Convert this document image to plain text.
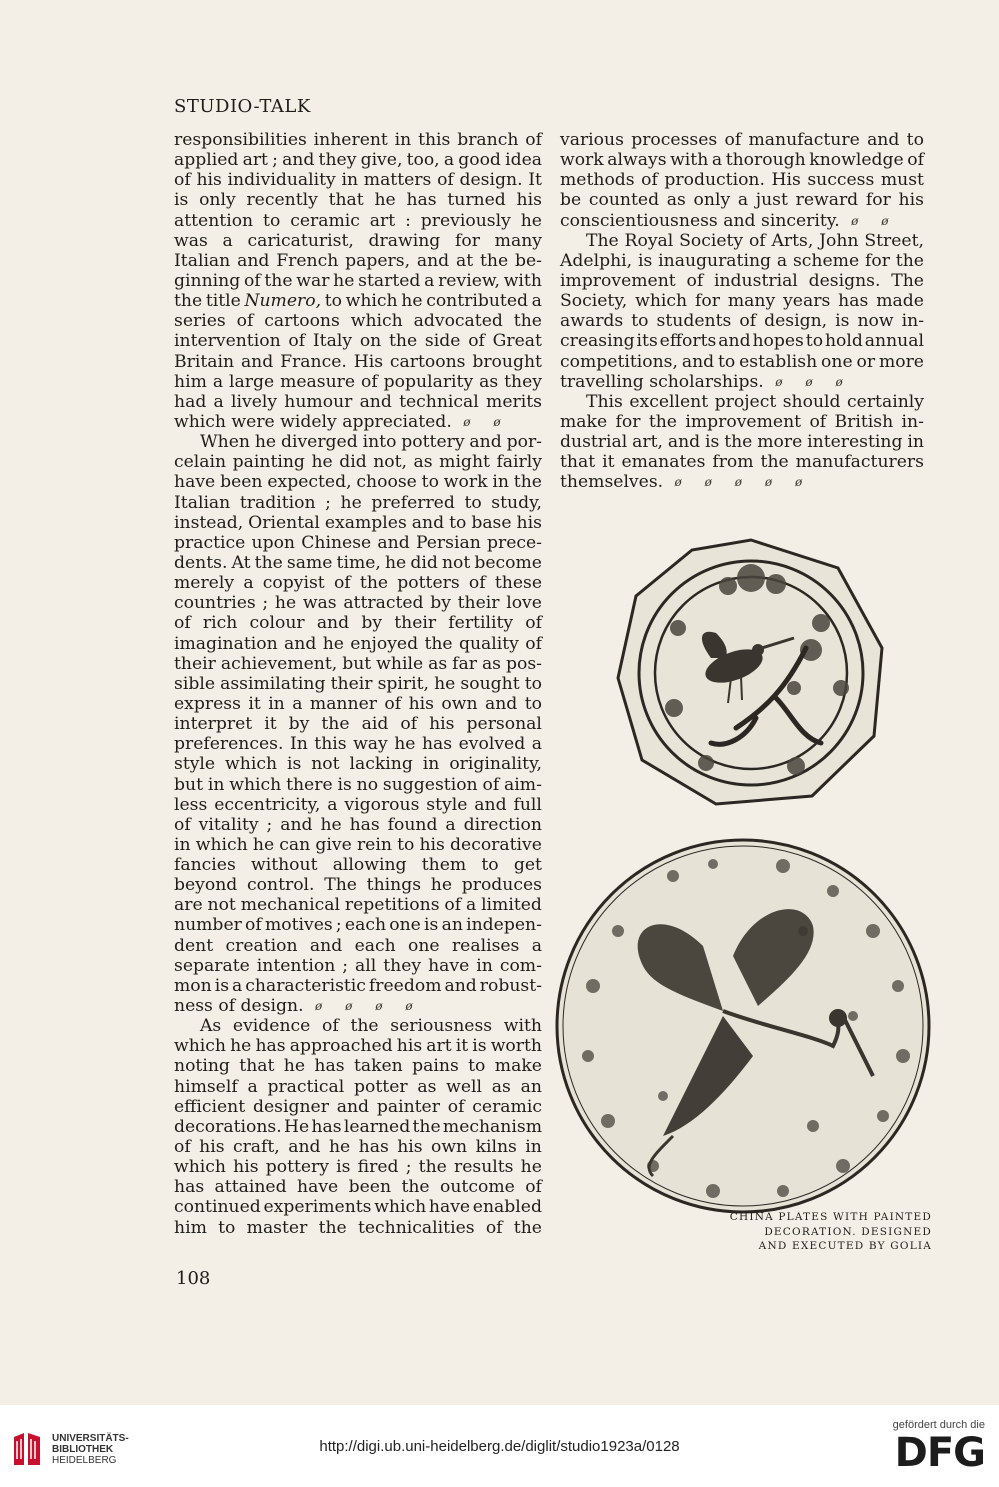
STUDIO-TALK
responsibilities inherent in this branch of
applied art ; and they give, too, a good idea
of his individuality in matters of design. It
is only recently that he has turned his
attention to ceramic art : previously he
was a caricaturist, drawing for many
Italian and French papers, and at the be-
ginning of the war he started a review, with
the title Numero, to which he contributed a
series of cartoons which advocated the
intervention of Italy on the side of Great
Britain and France. His cartoons brought
him a large measure of popularity as they
had a lively humour and technical merits
which were widely appreciated. ø ø
When he diverged into pottery and por-
celain painting he did not, as might fairly
have been expected, choose to work in the
Italian tradition ; he preferred to study,
instead, Oriental examples and to base his
practice upon Chinese and Persian prece-
dents. At the same time, he did not become
merely a copyist of the potters of these
countries ; he was attracted by their love
of rich colour and by their fertility of
imagination and he enjoyed the quality of
their achievement, but while as far as pos-
sible assimilating their spirit, he sought to
express it in a manner of his own and to
interpret it by the aid of his personal
preferences. In this way he has evolved a
style which is not lacking in originality,
but in which there is no suggestion of aim-
less eccentricity, a vigorous style and full
of vitality ; and he has found a direction
in which he can give rein to his decorative
fancies without allowing them to get
beyond control. The things he produces
are not mechanical repetitions of a limited
number of motives ; each one is an indepen-
dent creation and each one realises a
separate intention ; all they have in com-
mon is a characteristic freedom and robust-
ness of design. ø ø ø ø
As evidence of the seriousness with
which he has approached his art it is worth
noting that he has taken pains to make
himself a practical potter as well as an
efficient designer and painter of ceramic
decorations. He has learned the mechanism
of his craft, and he has his own kilns in
which his pottery is fired ; the results he
has attained have been the outcome of
continued experiments which have enabled
him to master the technicalities of the
various processes of manufacture and to
work always with a thorough knowledge of
methods of production. His success must
be counted as only a just reward for his
conscientiousness and sincerity. ø ø
The Royal Society of Arts, John Street,
Adelphi, is inaugurating a scheme for the
improvement of industrial designs. The
Society, which for many years has made
awards to students of design, is now in-
creasing its efforts and hopes to hold annual
competitions, and to establish one or more
travelling scholarships. ø ø ø
This excellent project should certainly
make for the improvement of British in-
dustrial art, and is the more interesting in
that it emanates from the manufacturers
themselves. ø ø ø ø ø
CHINA PLATES WITH PAINTED
DECORATION. DESIGNED
AND EXECUTED BY GOLIA
108
UNIVERSITÄTS-
BIBLIOTHEK
HEIDELBERG
http://digi.ub.uni-heidelberg.de/diglit/studio1923a/0128
gefördert durch die
DFG
